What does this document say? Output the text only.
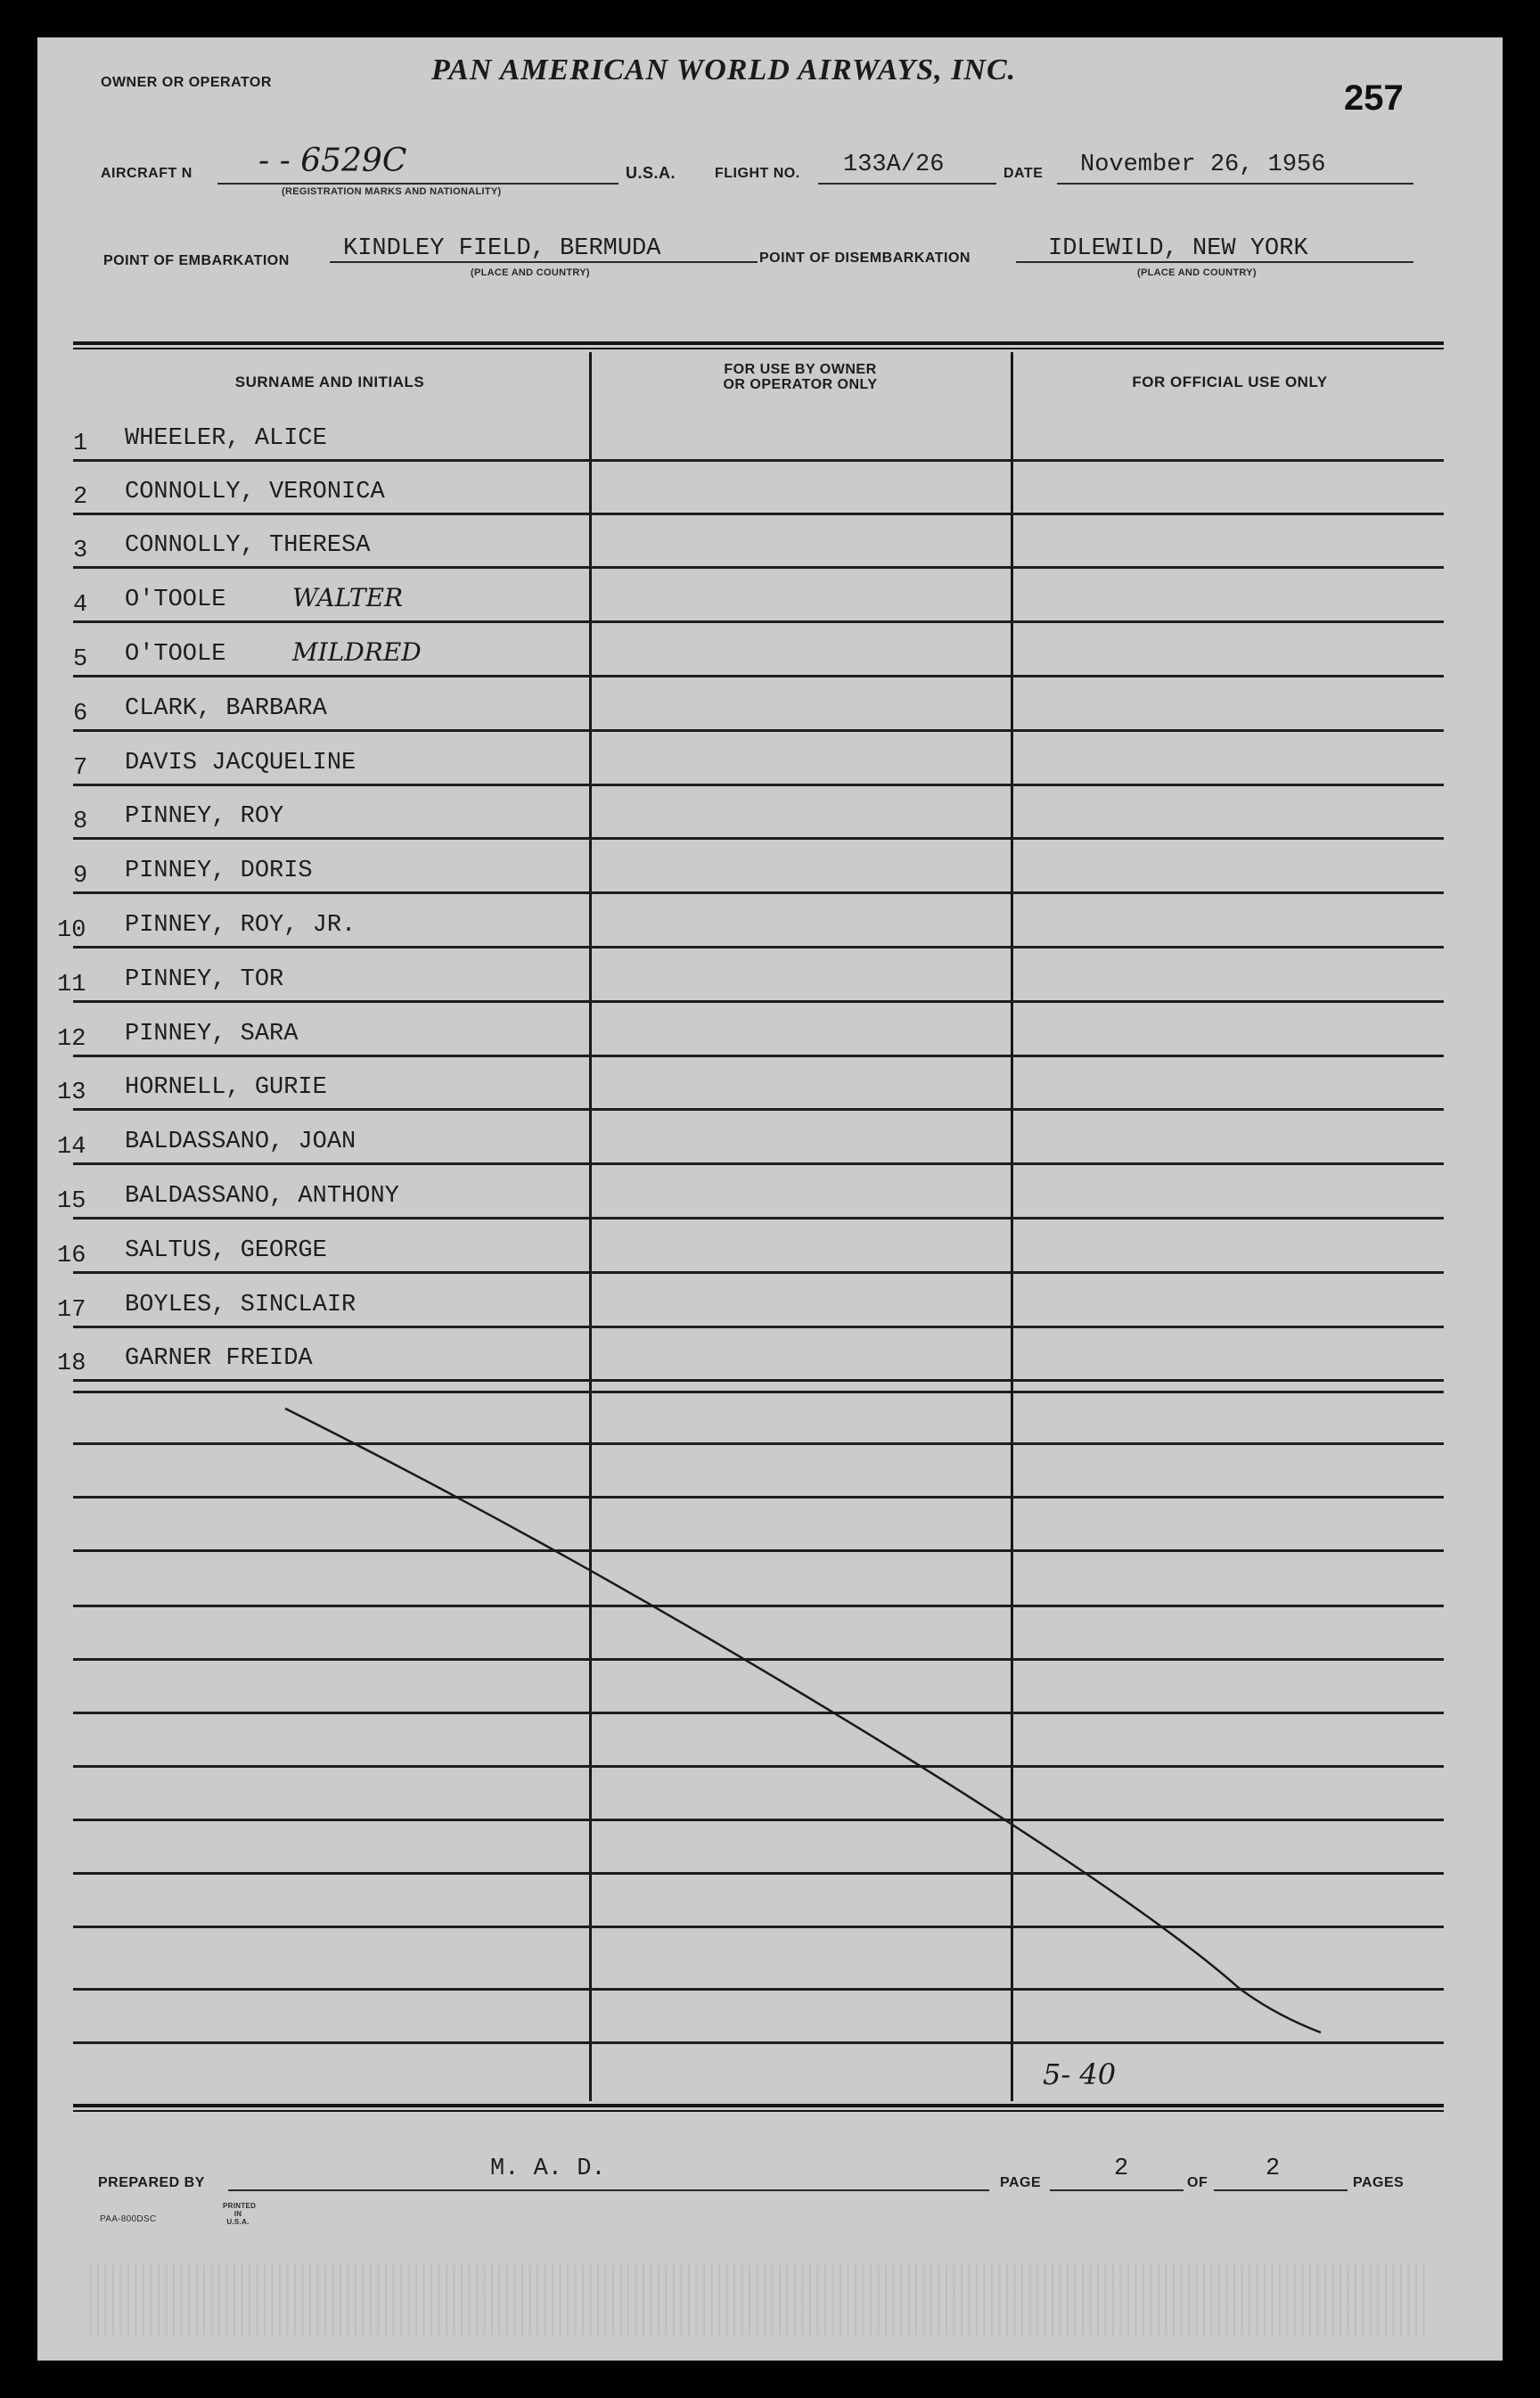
OWNER OR OPERATOR	PAN AMERICAN WORLD AIRWAYS, INC.
257
AIRCRAFT N - - 6529C
(REGISTRATION MARKS AND NATIONALITY)
U.S.A.	FLIGHT NO. 133A/26	DATE November 26, 1956
POINT OF EMBARKATION KINDLEY FIELD, BERMUDA
(PLACE AND COUNTRY)
POINT OF DISEMBARKATION	IDLEWILD, NEW YORK
(PLACE AND COUNTRY)
SURNAME AND INITIALS
FOR USE BY OWNER
OR OPERATOR ONLY	FOR OFFICIAL USE ONLY
1 WHEELER, ALICE
2 CONNOLLY, VERONICA
3 CONNOLLY, THERESA
4 O'TOOLE	WALTER
5 O'TOOLE	MILDRED
6 CLARK, BARBARA
7 DAVIS JACQUELINE
8 PINNEY, ROY
9 PINNEY, DORIS
10 PINNEY, ROY, JR.
11 PINNEY, TOR
12 PINNEY, SARA
13 HORNELL, GURIE
14 BALDASSANO, JOAN
15 BALDASSANO, ANTHONY
16 SALTUS, GEORGE
17 BOYLES, SINCLAIR
18 GARNER FREIDA
5- 40
PREPARED BY
M. A. D.
PAGE
2
OF
2
PAGES
PAA-800DSC
PRINTED IN U.S.A.
